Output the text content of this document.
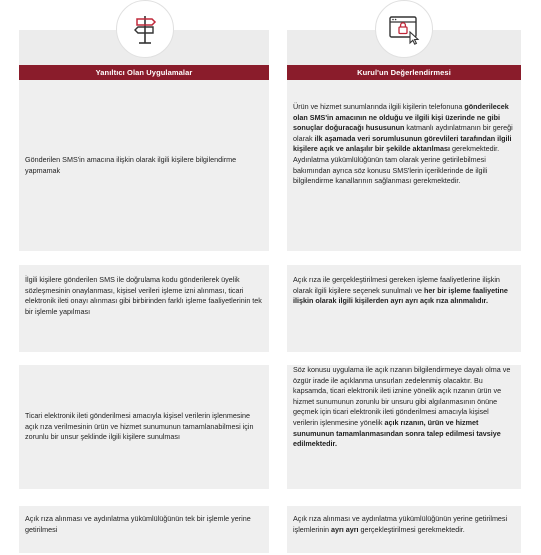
Yanıltıcı Olan Uygulamalar	Kurul'un Değerlendirmesi
Gönderilen SMS'in amacına ilişkin olarak ilgili kişilere bilgilendirme yapmamak
Ürün ve hizmet sunumlarında ilgili kişilerin telefonuna gönderilecek olan SMS'in amacının ne olduğu ve ilgili kişi üzerinde ne gibi sonuçlar doğuracağı hususunun katmanlı aydınlatmanın bir gereği olarak ilk aşamada veri sorumlusunun görevlileri tarafından ilgili kişilere açık ve anlaşılır bir şekilde aktarılması gerekmektedir. Aydınlatma yükümlülüğünün tam olarak yerine getirilebilmesi bakımından ayrıca söz konusu SMS'lerin içeriklerinde de ilgili bilgilendirme kanallarının sağlanması gerekmektedir.
İlgili kişilere gönderilen SMS ile doğrulama kodu gönderilerek üyelik sözleşmesinin onaylanması, kişisel verileri işleme izni alınması, ticari elektronik ileti onayı alınması gibi birbirinden farklı işleme faaliyetlerinin tek bir işlemle yapılması
Açık rıza ile gerçekleştirilmesi gereken işleme faaliyetlerine ilişkin olarak ilgili kişilere seçenek sunulmalı ve her bir işleme faaliyetine ilişkin olarak ilgili kişilerden ayrı ayrı açık rıza alınmalıdır.
Ticari elektronik ileti gönderilmesi amacıyla kişisel verilerin işlenmesine açık rıza verilmesinin ürün ve hizmet sunumunun tamamlanabilmesi için zorunlu bir unsur şeklinde ilgili kişilere sunulması
Söz konusu uygulama ile açık rızanın bilgilendirmeye dayalı olma ve özgür irade ile açıklanma unsurları zedelenmiş olacaktır. Bu kapsamda, ticari elektronik ileti iznine yönelik açık rızanın ürün ve hizmet sunumunun zorunlu bir unsuru gibi algılanmasının önüne geçmek için ticari elektronik ileti gönderilmesi amacıyla kişisel verilerin işlenmesine yönelik açık rızanın, ürün ve hizmet sunumunun tamamlanmasından sonra talep edilmesi tavsiye edilmektedir.
Açık rıza alınması ve aydınlatma yükümlülüğünün tek bir işlemle yerine getirilmesi
Açık rıza alınması ve aydınlatma yükümlülüğünün yerine getirilmesi işlemlerinin ayrı ayrı gerçekleştirilmesi gerekmektedir.
